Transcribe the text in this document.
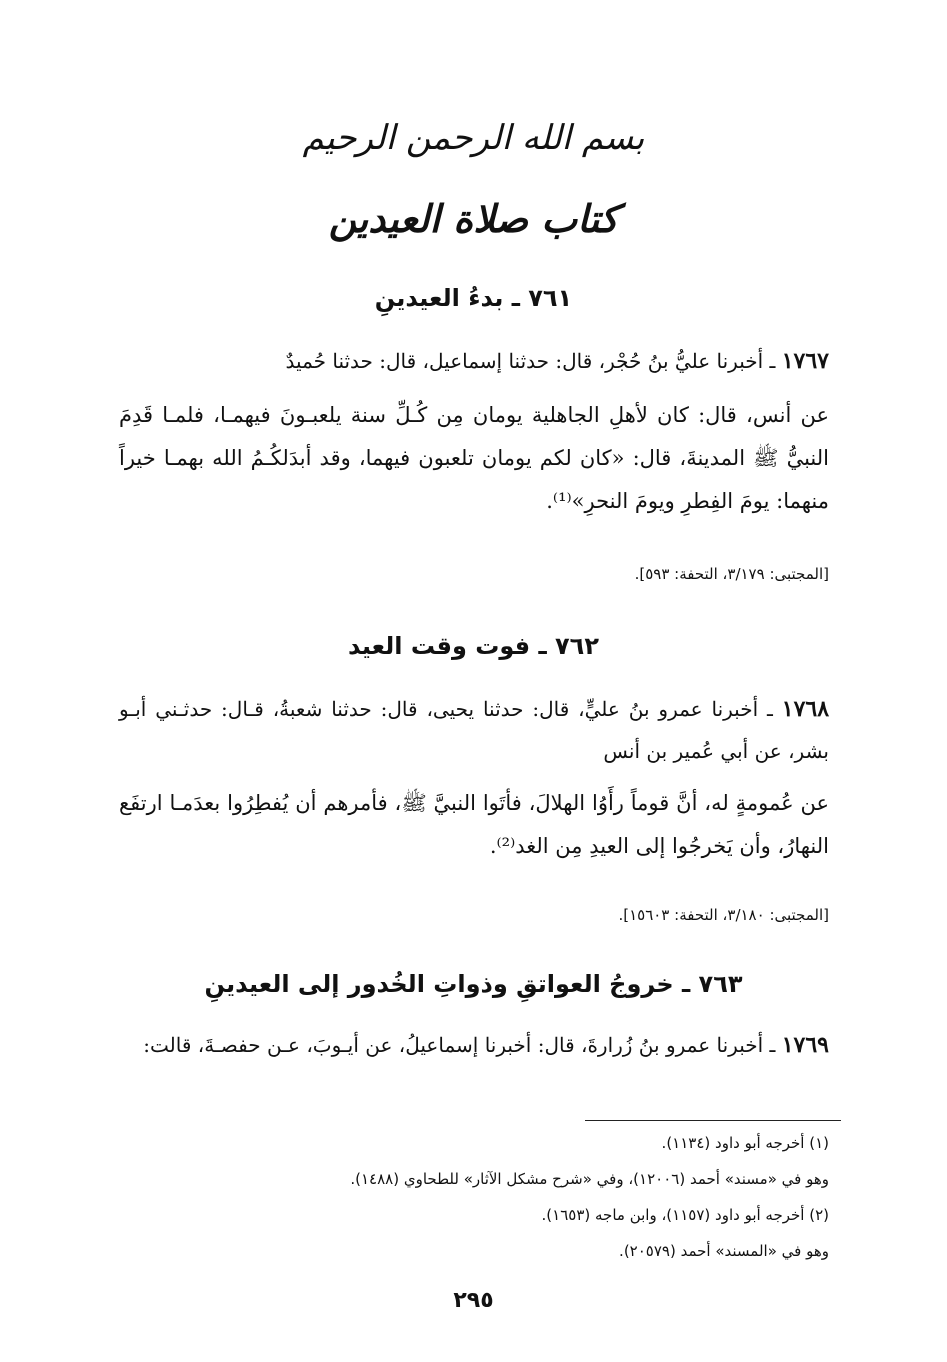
بسم الله الرحمن الرحيم
كتاب صلاة العيدين
٧٦١ ـ بدءُ العيدينِ
١٧٦٧ ـ أخبرنا عليُّ بنُ حُجْر، قال: حدثنا إسماعيل، قال: حدثنا حُميدٌ
عن أنس، قال: كان لأهلِ الجاهلية يومان مِن كُـلِّ سنة يلعبـونَ فيهمـا، فلمـا قَدِمَ النبيُّ ﷺ المدينةَ، قال: «كان لكم يومان تلعبون فيهما، وقد أبدَلكُـمُ الله بهمـا خيراً منهما: يومَ الفِطرِ ويومَ النحرِ»⁽¹⁾.
[المجتبى: ٣/١٧٩، التحفة: ٥٩٣].
٧٦٢ ـ فوت وقت العيد
١٧٦٨ ـ أخبرنا عمرو بنُ عليٍّ، قال: حدثنا يحيى، قال: حدثنا شعبةُ، قـال: حدثـني أبـو بشر، عن أبي عُمير بن أنس
عن عُمومةٍ له، أنَّ قوماً رأَوُا الهلالَ، فأتَوا النبيَّ ﷺ، فأمرهم أن يُفطِرُوا بعدَمـا ارتفَع النهارُ، وأن يَخرجُوا إلى العيدِ مِن الغد⁽²⁾.
[المجتبى: ٣/١٨٠، التحفة: ١٥٦٠٣].
٧٦٣ ـ خروجُ العواتقِ وذواتِ الخُدور إلى العيدينِ
١٧٦٩ ـ أخبرنا عمرو بنُ زُرارةَ، قال: أخبرنا إسماعيلُ، عن أيـوبَ، عـن حفصـةَ، قالت:
(١) أخرجه أبو داود (١١٣٤).
وهو في «مسند» أحمد (١٢٠٠٦)، وفي «شرح مشكل الآثار» للطحاوي (١٤٨٨).
(٢) أخرجه أبو داود (١١٥٧)، وابن ماجه (١٦٥٣).
وهو في «المسند» أحمد (٢٠٥٧٩).
٢٩٥
